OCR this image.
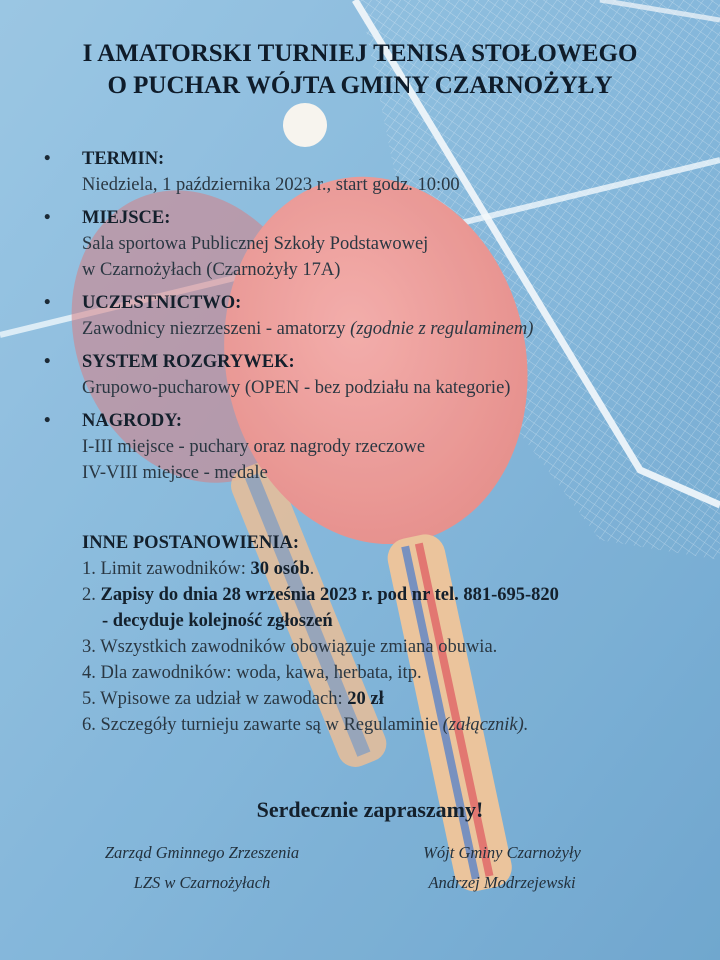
I AMATORSKI TURNIEJ TENISA STOŁOWEGO
O PUCHAR WÓJTA GMINY CZARNOŻYŁY
• TERMIN:
Niedziela, 1 października 2023 r., start godz. 10:00
• MIEJSCE:
Sala sportowa Publicznej Szkoły Podstawowej
w Czarnożyłach (Czarnożyły 17A)
• UCZESTNICTWO:
Zawodnicy niezrzeszeni - amatorzy (zgodnie z regulaminem)
• SYSTEM ROZGRYWEK:
Grupowo-pucharowy (OPEN - bez podziału na kategorie)
• NAGRODY:
I-III miejsce - puchary oraz nagrody rzeczowe
IV-VIII miejsce - medale
INNE POSTANOWIENIA:
1. Limit zawodników: 30 osób.
2. Zapisy do dnia 28 września 2023 r. pod nr tel. 881-695-820
- decyduje kolejność zgłoszeń
3. Wszystkich zawodników obowiązuje zmiana obuwia.
4. Dla zawodników: woda, kawa, herbata, itp.
5. Wpisowe za udział w zawodach: 20 zł
6. Szczegóły turnieju zawarte są w Regulaminie (załącznik).
Serdecznie zapraszamy!
Zarząd Gminnego Zrzeszenia
LZS w Czarnożyłach
Wójt Gminy Czarnożyły
Andrzej Modrzejewski
